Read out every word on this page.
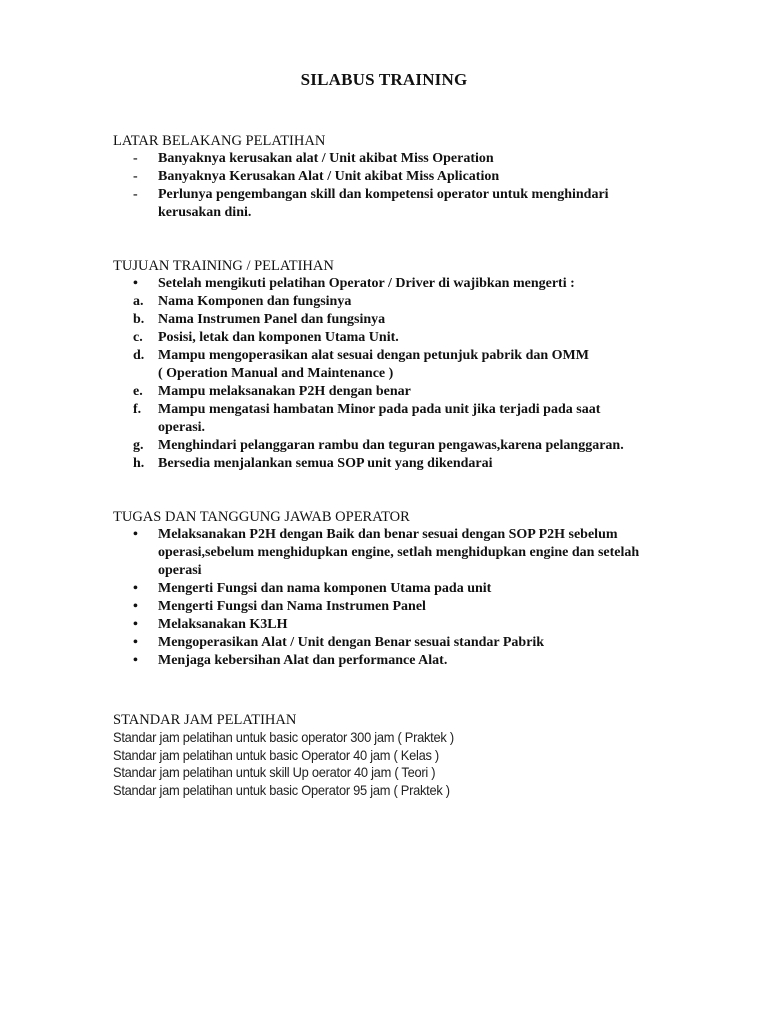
SILABUS TRAINING
LATAR BELAKANG PELATIHAN
-	Banyaknya kerusakan alat / Unit akibat Miss Operation
-	Banyaknya Kerusakan Alat / Unit akibat Miss Aplication
-	Perlunya pengembangan skill dan kompetensi operator untuk menghindari
kerusakan dini.
TUJUAN TRAINING / PELATIHAN
•	Setelah mengikuti pelatihan Operator / Driver di wajibkan mengerti :
a.	Nama Komponen dan fungsinya
b. Nama Instrumen Panel dan fungsinya
c.	Posisi, letak dan komponen Utama Unit.
d. Mampu mengoperasikan alat sesuai dengan petunjuk pabrik dan OMM
( Operation Manual and Maintenance )
e.	Mampu melaksanakan P2H dengan benar
f.	Mampu mengatasi hambatan Minor pada pada unit jika terjadi pada saat
operasi.
g.	Menghindari pelanggaran rambu dan teguran pengawas,karena pelanggaran.
h. Bersedia menjalankan semua SOP unit yang dikendarai
TUGAS DAN TANGGUNG JAWAB OPERATOR
•	Melaksanakan P2H dengan Baik dan benar sesuai dengan SOP P2H sebelum
operasi,sebelum menghidupkan engine, setlah menghidupkan engine dan setelah
operasi
•	Mengerti Fungsi dan nama komponen Utama pada unit
•	Mengerti Fungsi dan Nama Instrumen Panel
•	Melaksanakan K3LH
•	Mengoperasikan Alat / Unit dengan Benar sesuai standar Pabrik
•	Menjaga kebersihan Alat dan performance Alat.
STANDAR JAM PELATIHAN
Standar jam pelatihan untuk basic operator 300 jam ( Praktek )
Standar jam pelatihan untuk basic Operator 40 jam ( Kelas )
Standar jam pelatihan untuk skill Up oerator 40 jam ( Teori )
Standar jam pelatihan untuk basic Operator 95 jam ( Praktek )
